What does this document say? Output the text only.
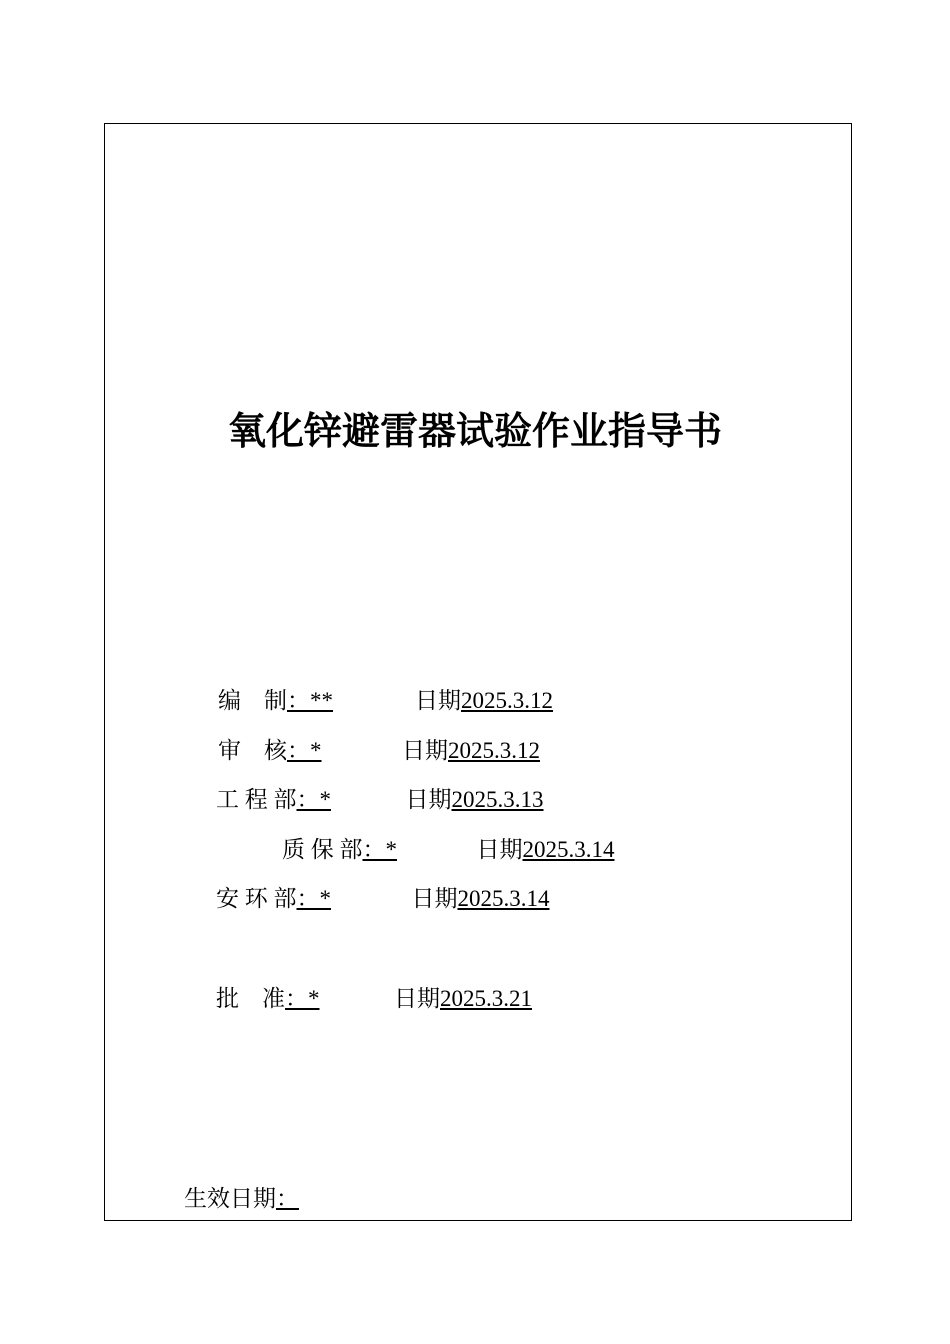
氧化锌避雷器试验作业指导书
编　制：**	日期2025.3.12
审　核：*	日期2025.3.12
工 程 部：*	日期2025.3.13
质 保 部：*	日期2025.3.14
安 环 部：*	日期2025.3.14
批　准：*	日期2025.3.21
生效日期：
